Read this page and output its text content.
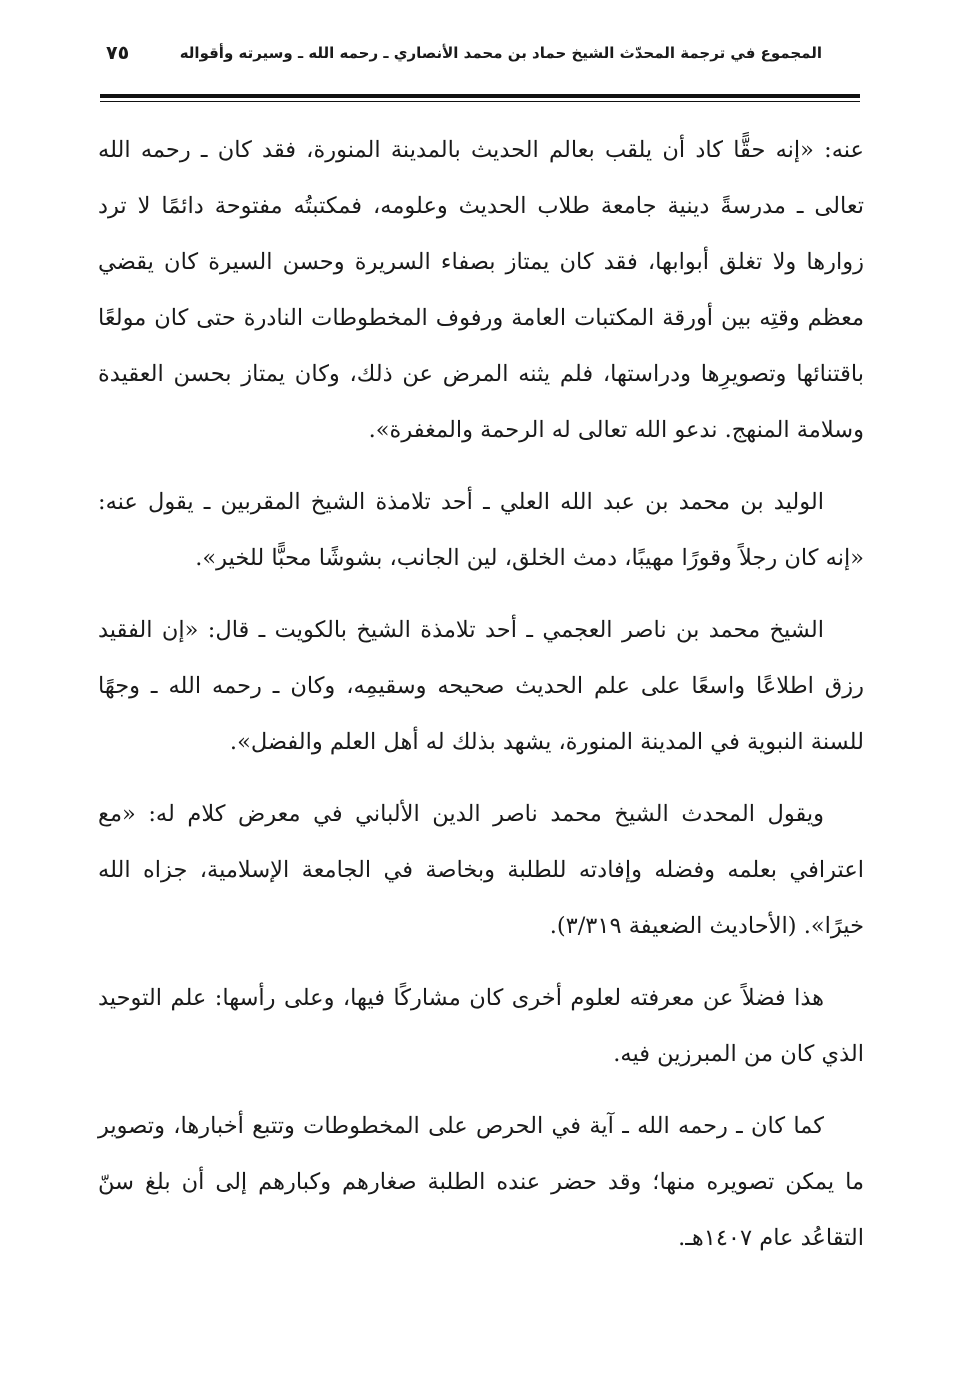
المجموع في ترجمة المحدّث الشيخ حماد بن محمد الأنصاري ـ رحمه الله ـ وسيرته وأقواله
٧٥

عنه: «إنه حقًّا كاد أن يلقب بعالم الحديث بالمدينة المنورة، فقد كان ـ رحمه الله تعالى ـ مدرسةً دينية جامعة طلاب الحديث وعلومه، فمكتبتُه مفتوحة دائمًا لا ترد زوارها ولا تغلق أبوابها، فقد كان يمتاز بصفاء السريرة وحسن السيرة كان يقضي معظم وقتِه بين أورقة المكتبات العامة ورفوف المخطوطات النادرة حتى كان مولعًا باقتنائها وتصويرِها ودراستها، فلم يثنه المرض عن ذلك، وكان يمتاز بحسن العقيدة وسلامة المنهج. ندعو الله تعالى له الرحمة والمغفرة».

الوليد بن محمد بن عبد الله العلي ـ أحد تلامذة الشيخ المقربين ـ يقول عنه: «إنه كان رجلاً وقورًا مهيبًا، دمث الخلق، لين الجانب، بشوشًا محبًّا للخير».

الشيخ محمد بن ناصر العجمي ـ أحد تلامذة الشيخ بالكويت ـ قال: «إن الفقيد رزق اطلاعًا واسعًا على علم الحديث صحيحه وسقيمِه، وكان ـ رحمه الله ـ وجهًا للسنة النبوية في المدينة المنورة، يشهد بذلك له أهل العلم والفضل».

ويقول المحدث الشيخ محمد ناصر الدين الألباني في معرض كلام له: «مع اعترافي بعلمه وفضله وإفادته للطلبة وبخاصة في الجامعة الإسلامية، جزاه الله خيرًا». (الأحاديث الضعيفة ٣/٣١٩).

هذا فضلاً عن معرفته لعلوم أخرى كان مشاركًا فيها، وعلى رأسها: علم التوحيد الذي كان من المبرزين فيه.

كما كان ـ رحمه الله ـ آية في الحرص على المخطوطات وتتبع أخبارها، وتصوير ما يمكن تصويره منها؛ وقد حضر عنده الطلبة صغارهم وكبارهم إلى أن بلغ سنّ التقاعُد عام ١٤٠٧هـ.
